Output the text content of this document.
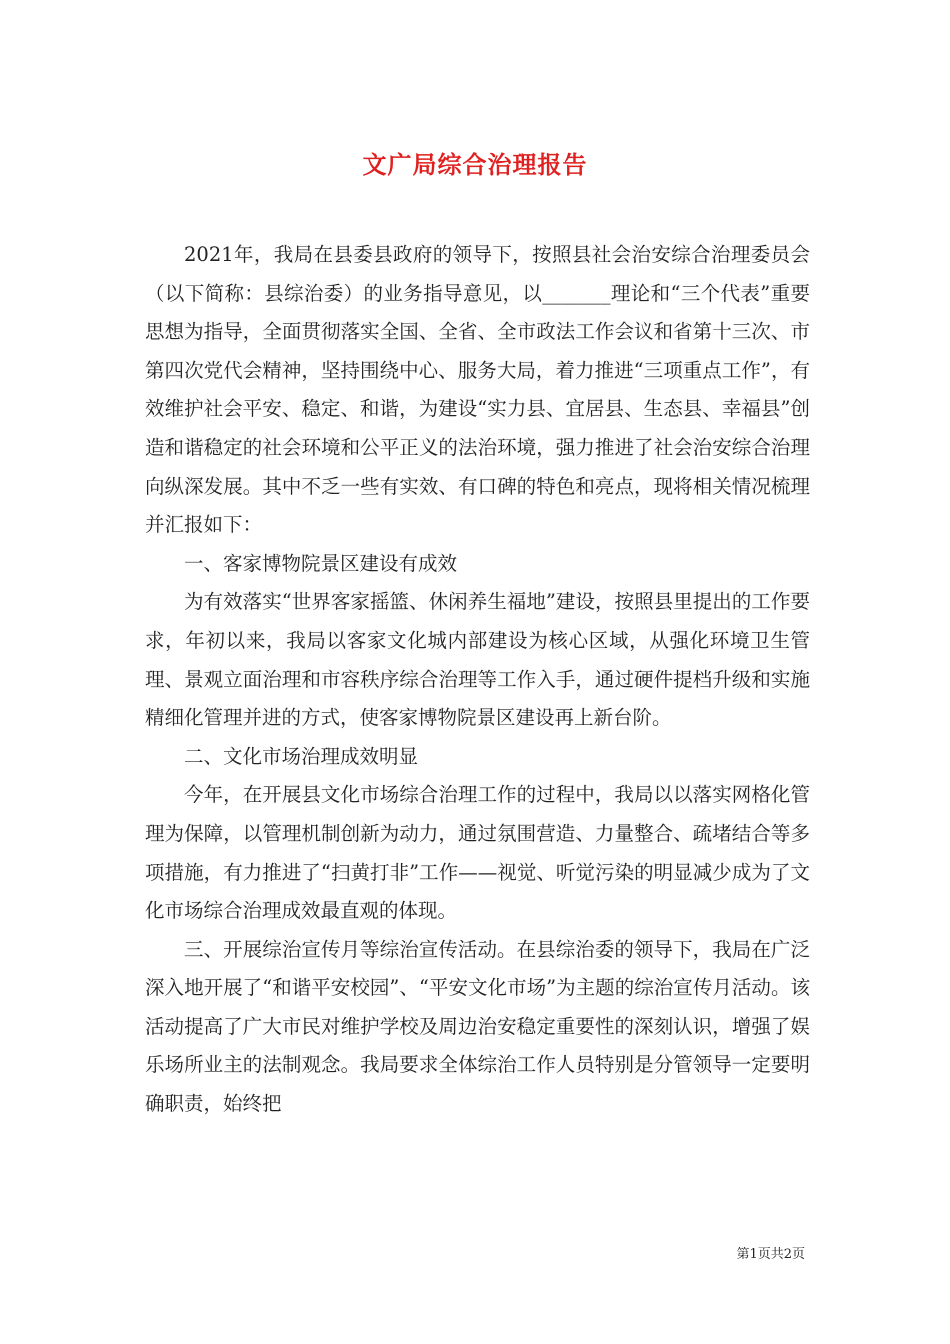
文广局综合治理报告

2021年，我局在县委县政府的领导下，按照县社会治安综合治理委员会（以下简称：县综治委）的业务指导意见，以_______理论和“三个代表”重要思想为指导，全面贯彻落实全国、全省、全市政法工作会议和省第十三次、市第四次党代会精神，坚持围绕中心、服务大局，着力推进“三项重点工作”，有效维护社会平安、稳定、和谐，为建设“实力县、宜居县、生态县、幸福县”创造和谐稳定的社会环境和公平正义的法治环境，强力推进了社会治安综合治理向纵深发展。其中不乏一些有实效、有口碑的特色和亮点，现将相关情况梳理并汇报如下：

一、客家博物院景区建设有成效

为有效落实“世界客家摇篮、休闲养生福地”建设，按照县里提出的工作要求，年初以来，我局以客家文化城内部建设为核心区域，从强化环境卫生管理、景观立面治理和市容秩序综合治理等工作入手，通过硬件提档升级和实施精细化管理并进的方式，使客家博物院景区建设再上新台阶。

二、文化市场治理成效明显

今年，在开展县文化市场综合治理工作的过程中，我局以以落实网格化管理为保障，以管理机制创新为动力，通过氛围营造、力量整合、疏堵结合等多项措施，有力推进了“扫黄打非”工作——视觉、听觉污染的明显减少成为了文化市场综合治理成效最直观的体现。

三、开展综治宣传月等综治宣传活动。在县综治委的领导下，我局在广泛深入地开展了“和谐平安校园”、“平安文化市场”为主题的综治宣传月活动。该活动提高了广大市民对维护学校及周边治安稳定重要性的深刻认识，增强了娱乐场所业主的法制观念。我局要求全体综治工作人员特别是分管领导一定要明确职责，始终把

第1页共2页
